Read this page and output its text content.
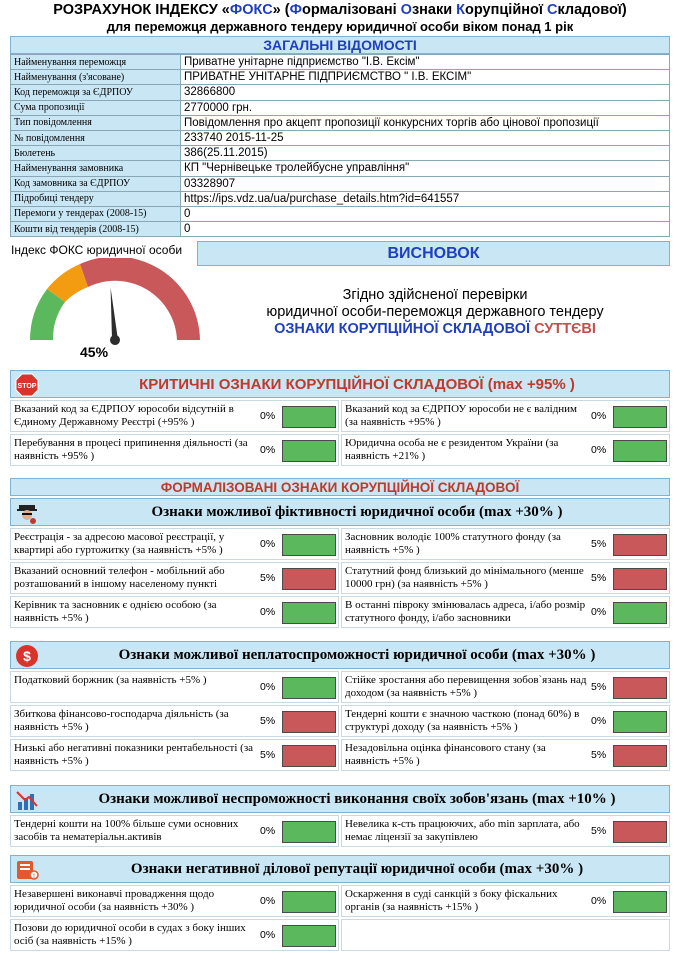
РОЗРАХУНОК ІНДЕКСУ «ФОКС» (Формалізовані Ознаки Корупційної Складової)
для переможця державного тендеру юридичної особи віком понад 1 рік
ЗАГАЛЬНІ ВІДОМОСТІ
Найменування переможця	Приватне унітарне підприємство "І.В. Ексім"
Найменування (з'ясоване)	ПРИВАТНЕ УНІТАРНЕ ПІДПРИЄМСТВО " І.В. ЕКСІМ"
Код переможця за ЄДРПОУ	32866800
Сума пропозиції	2770000 грн.
Тип повідомлення	Повідомлення про акцепт пропозиції конкурсних торгів або цінової пропозиції
№ повідомлення	233740 2015-11-25
Бюлетень	386(25.11.2015)
Найменування замовника	КП "Чернівецьке тролейбусне управління"
Код замовника за ЄДРПОУ	03328907
Підробиці тендеру	https://ips.vdz.ua/ua/purchase_details.htm?id=641557
Перемоги у тендерах (2008-15)	0
Кошти від тендерів (2008-15)	0
Індекс ФОКС юридичної особи
45%
ВИСНОВОК
Згідно здійсненої перевірки
юридичної особи-переможця державного тендеру
ОЗНАКИ КОРУПЦІЙНОЇ СКЛАДОВОЇ СУТТЄВІ
STOP	КРИТИЧНІ ОЗНАКИ КОРУПЦІЙНОЇ СКЛАДОВОЇ (max +95% )
Вказаний код за ЄДРПОУ юрособи відсутній в Єдиному Державному Реєстрі (+95% )	0%
Вказаний код за ЄДРПОУ юрособи не є валідним (за наявність +95% )	0%
Перебування в процесі припинення діяльності (за наявність +95% )	0%
Юридична особа не є резидентом України (за наявність +21% )	0%
ФОРМАЛІЗОВАНІ ОЗНАКИ КОРУПЦІЙНОЇ СКЛАДОВОЇ
Ознаки можливої фіктивності юридичної особи (max +30% )
Реєстрація - за адресою масової реєстрації, у квартирі або гуртожитку (за наявність +5% )	0%
Засновник володіє 100% статутного фонду (за наявність +5% )	5%
Вказаний основний телефон - мобільний або розташований в іншому населеному пункті	5%
Статутний фонд близький до мінімального (менше 10000 грн) (за наявність +5% )	5%
Керівник та засновник є однією особою (за наявність +5% )	0%
В останні півроку змінювалась адреса, і/або розмір статутного фонду, і/або засновники	0%
$	Ознаки можливої неплатоспроможності юридичної особи (max +30% )
Податковий боржник (за наявність +5% )
0%
Стійке зростання або перевищення зобов`язань над доходом (за наявність +5% )	5%
Збиткова фінансово-господарча діяльність (за наявність +5% )	5%
Тендерні кошти є значною часткою (понад 60%) в структурі доходу (за наявність +5% )	0%
Низькі або негативні показники рентабельності (за наявність +5% )	5%
Незадовільна оцінка фінансового стану (за наявність +5% )	5%
Ознаки можливої неспроможності виконання своїх зобов'язань (max +10% )
Тендерні кошти на 100% більше суми основних засобів та нематеріальн.активів	0%
Невелика к-сть працюючих, або min зарплата, або немає ліцензії за закупівлею	5%
!	Ознаки негативної ділової репутації юридичної особи (max +30% )
Незавершені виконавчі провадження щодо юридичної особи (за наявність +30% )	0%
Оскарження в суді санкцій з боку фіскальних органів (за наявність +15% )	0%
Позови до юридичної особи в судах з боку інших осіб (за наявність +15% )	0%
